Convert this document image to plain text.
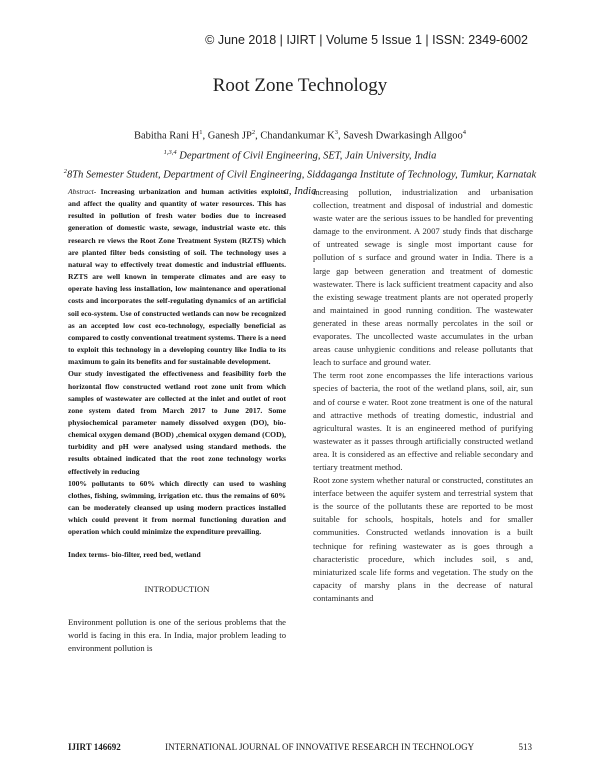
© June 2018 | IJIRT | Volume 5 Issue 1 | ISSN: 2349-6002
Root Zone Technology
Babitha Rani $H^1$, Ganesh $JP^2$, Chandankumar $K^3$, Savesh Dwarkasingh Allgoo$^4$
$^{1,3,4}$ Department of Civil Engineering, SET, Jain University, India
$^2$8Th Semester Student, Department of Civil Engineering, Siddaganga Institute of Technology, Tumkur, Karnatak a, India

Abstract- Increasing urbanization and human activities exploits and affect the quality and quantity of water resources. This has resulted in pollution of fresh water bodies due to increased generation of domestic waste, sewage, industrial waste etc. this research re views the Root Zone Treatment System (RZTS) which are planted filter beds consisting of soil. The technology uses a natural way to effectively treat domestic and industrial effluents. RZTS are well known in temperate climates and are easy to operate having less installation, low maintenance and operational costs and incorporates the self-regulating dynamics of an artificial soil eco-system. Use of constructed wetlands can now be recognized as an accepted low cost eco-technology, especially beneficial as compared to costly conventional treatment systems. There is a need to exploit this technology in a developing country like India to its maximum to gain its benefits and for sustainable development.

Our study investigated the effectiveness and feasibility forb the horizontal flow constructed wetland root zone unit from which samples of wastewater are collected at the inlet and outlet of root zone system dated from March 2017 to June 2017. Some physiochemical parameter namely dissolved oxygen (DO), bio-chemical oxygen demand (BOD) ,chemical oxygen demand (COD), turbidity and pH were analysed using standard methods. the results obtained indicated that the root zone technology works effectively in reducing

100% pollutants to 60% which directly can used to washing clothes, fishing, swimming, irrigation etc. thus the remains of 60% can be moderately cleansed up using modern practices installed which could prevent it from normal functioning duration and operation which could minimize the expenditure prevailing.

Index terms- bio-filter, reed bed, wetland
INTRODUCTION

Environment pollution is one of the serious problems that the world is facing in this era. In India, major problem leading to environment pollution is

increasing pollution, industrialization and urbanisation collection, treatment and disposal of industrial and domestic waste water are the serious issues to be handled for preventing damage to the environment. A 2007 study finds that discharge of untreated sewage is single most important cause for pollution of s surface and ground water in India. There is a large gap between generation and treatment of domestic wastewater. There is lack sufficient treatment capacity and also the existing sewage treatment plants are not operated properly and maintained in good running condition. The wastewater generated in these areas normally percolates in the soil or evaporates. The uncollected waste accumulates in the urban areas cause unhygienic conditions and release pollutants that leach to surface and ground water.

The term root zone encompasses the life interactions various species of bacteria, the root of the wetland plans, soil, air, sun and of course e water. Root zone treatment is one of the natural and attractive methods of treating domestic, industrial and agricultural wastes. It is an engineered method of purifying wastewater as it passes through artificially constructed wetland area. It is considered as an effective and reliable secondary and tertiary treatment method.

Root zone system whether natural or constructed, constitutes an interface between the aquifer system and terrestrial system that is the source of the pollutants these are reported to be most suitable for schools, hospitals, hotels and for smaller communities. Constructed wetlands innovation is a built technique for refining wastewater as is goes through a characteristic procedure, which includes soil, s and, miniaturized scale life forms and vegetation. The study on the capacity of marshy plans in the decrease of natural contaminants and

IJIRT 146692	INTERNATIONAL JOURNAL OF INNOVATIVE RESEARCH IN TECHNOLOGY	513
